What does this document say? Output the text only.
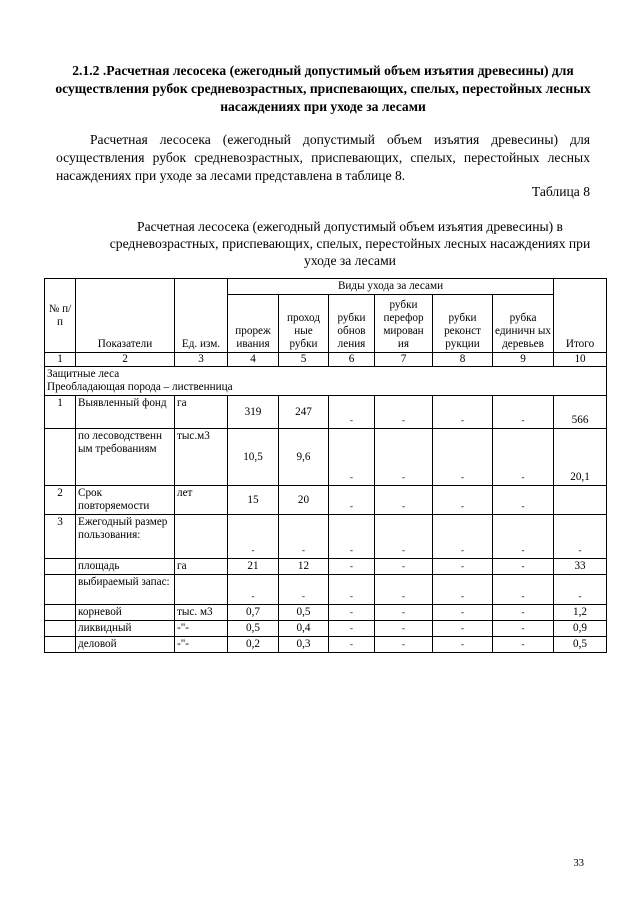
2.1.2 .Расчетная лесосека (ежегодный допустимый объем изъятия древесины) для осуществления рубок средневозрастных, приспевающих, спелых, перестойных лесных насаждениях при уходе за лесами
Расчетная лесосека (ежегодный допустимый объем изъятия древесины) для осуществления рубок средневозрастных, приспевающих, спелых, перестойных лесных насаждениях при уходе за лесами представлена в таблице 8.
Таблица 8
Расчетная лесосека (ежегодный допустимый объем изъятия древесины) в средневозрастных, приспевающих, спелых, перестойных лесных насаждениях при уходе за лесами
№ п/п	Показатели	Ед. изм.	Виды ухода за лесами						Итого
			прореж ивания	проход ные рубки	рубки обнов ления	рубки перефор мирован ия	рубки реконст рукции	рубка единичн ых деревьев	
1	2	3	4	5	6	7	8	9	10

Защитные леса
Преобладающая порода – лиственница									

1	Выявленный фонд	га	319	247	-	-	-	-	566
	по лесоводственн ым требованиям	тыс.м3	10,5	9,6	-	-	-	-	20,1
2	Срок повторяемости	лет	15	20	-	-	-	-	
3	Ежегодный размер пользования:		-	-	-	-	-	-	-
	площадь	га	21	12	-	-	-	-	33
	выбираемый запас:		-	-	-	-	-	-	-
	корневой	тыс. м3	0,7	0,5	-	-	-	-	1,2
	ликвидный	-"-	0,5	0,4	-	-	-	-	0,9
	деловой	-"-	0,2	0,3	-	-	-	-	0,5
33
